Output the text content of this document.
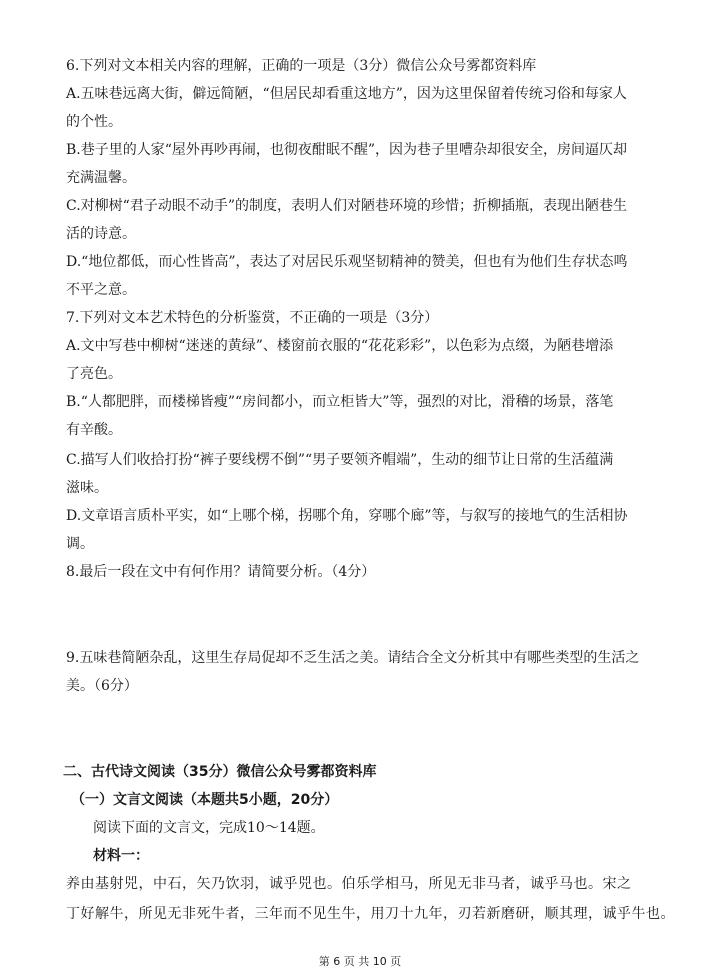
6.下列对文本相关内容的理解，正确的一项是（3分）微信公众号雾都资料库
A.五味巷远离大街，僻远简陋，“但居民却看重这地方”，因为这里保留着传统习俗和每家人
的个性。
B.巷子里的人家“屋外再吵再闹，也彻夜酣眠不醒”，因为巷子里嘈杂却很安全，房间逼仄却
充满温馨。
C.对柳树“君子动眼不动手”的制度，表明人们对陋巷环境的珍惜；折柳插瓶，表现出陋巷生
活的诗意。
D.“地位都低，而心性皆高”，表达了对居民乐观坚韧精神的赞美，但也有为他们生存状态鸣
不平之意。
7.下列对文本艺术特色的分析鉴赏，不正确的一项是（3分）
A.文中写巷中柳树“迷迷的黄绿”、楼窗前衣服的“花花彩彩”，以色彩为点缀，为陋巷增添
了亮色。
B.“人都肥胖，而楼梯皆瘦”“房间都小，而立柜皆大”等，强烈的对比，滑稽的场景，落笔
有辛酸。
C.描写人们收拾打扮“裤子要线楞不倒”“男子要领齐帽端”，生动的细节让日常的生活蕴满
滋味。
D.文章语言质朴平实，如“上哪个梯，拐哪个角，穿哪个廊”等，与叙写的接地气的生活相协
调。
8.最后一段在文中有何作用？请简要分析。（4分）
9.五味巷简陋杂乱，这里生存局促却不乏生活之美。请结合全文分析其中有哪些类型的生活之
美。（6分）
二、古代诗文阅读（35分）微信公众号雾都资料库
（一）文言文阅读（本题共5小题，20分）
阅读下面的文言文，完成10～14题。
材料一：
养由基射兕，中石，矢乃饮羽，诚乎兕也。伯乐学相马，所见无非马者，诚乎马也。宋之
丁好解牛，所见无非死牛者，三年而不见生牛，用刀十九年，刃若新磨研，顺其理，诚乎牛也。
第 6 页 共 10 页
